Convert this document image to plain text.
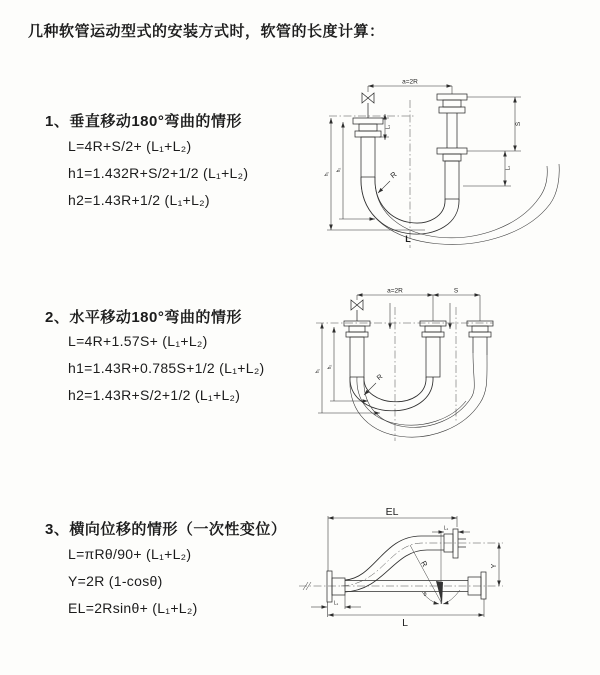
几种软管运动型式的安装方式时，软管的长度计算：
1、垂直移动180°弯曲的情形
L=4R+S/2+ (L₁+L₂)
h1=1.432R+S/2+1/2 (L₁+L₂)
h2=1.43R+1/2 (L₁+L₂)
2、水平移动180°弯曲的情形
L=4R+1.57S+ (L₁+L₂)
h1=1.43R+0.785S+1/2 (L₁+L₂)
h2=1.43R+S/2+1/2 (L₁+L₂)
3、横向位移的情形（一次性变位）
L=πRθ/90+ (L₁+L₂)
Y=2R (1-cosθ)
EL=2Rsinθ+ (L₁+L₂)
a=2R
L₁
S
L₂
h₁
h₂	R
L
a=2R	S
h₁
h₂
R
EL
L₁
Y
R
θ
L₁
L
